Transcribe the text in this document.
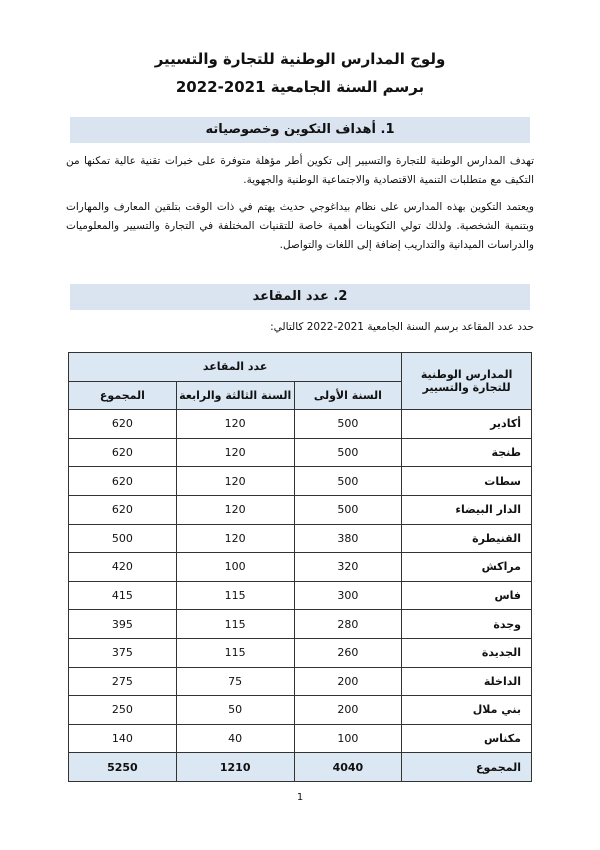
ولوج المدارس الوطنية للتجارة والتسيير
برسم السنة الجامعية 2021-2022
1. أهداف التكوين وخصوصياته
تهدف المدارس الوطنية للتجارة والتسيير إلى تكوين أطر مؤهلة متوفرة على خبرات تقنية عالية تمكنها من التكيف مع متطلبات التنمية الاقتصادية والاجتماعية الوطنية والجهوية.
ويعتمد التكوين بهذه المدارس على نظام بيداغوجي حديث يهتم في ذات الوقت بتلقين المعارف والمهارات وبتنمية الشخصية. ولذلك تولي التكوينات أهمية خاصة للتقنيات المختلفة في التجارة والتسيير والمعلوميات والدراسات الميدانية والتداريب إضافة إلى اللغات والتواصل.
2. عدد المقاعد
حدد عدد المقاعد برسم السنة الجامعية 2021-2022 كالتالي:
المدارس الوطنية للتجارة والتسيير	عدد المقاعد		
	السنة الأولى	السنة الثالثة والرابعة	المجموع
أكادير	500	120	620
طنجة	500	120	620
سطات	500	120	620
الدار البيضاء	500	120	620
القنيطرة	380	120	500
مراكش	320	100	420
فاس	300	115	415
وجدة	280	115	395
الجديدة	260	115	375
الداخلة	200	75	275
بني ملال	200	50	250
مكناس	100	40	140
المجموع	4040	1210	5250
1
